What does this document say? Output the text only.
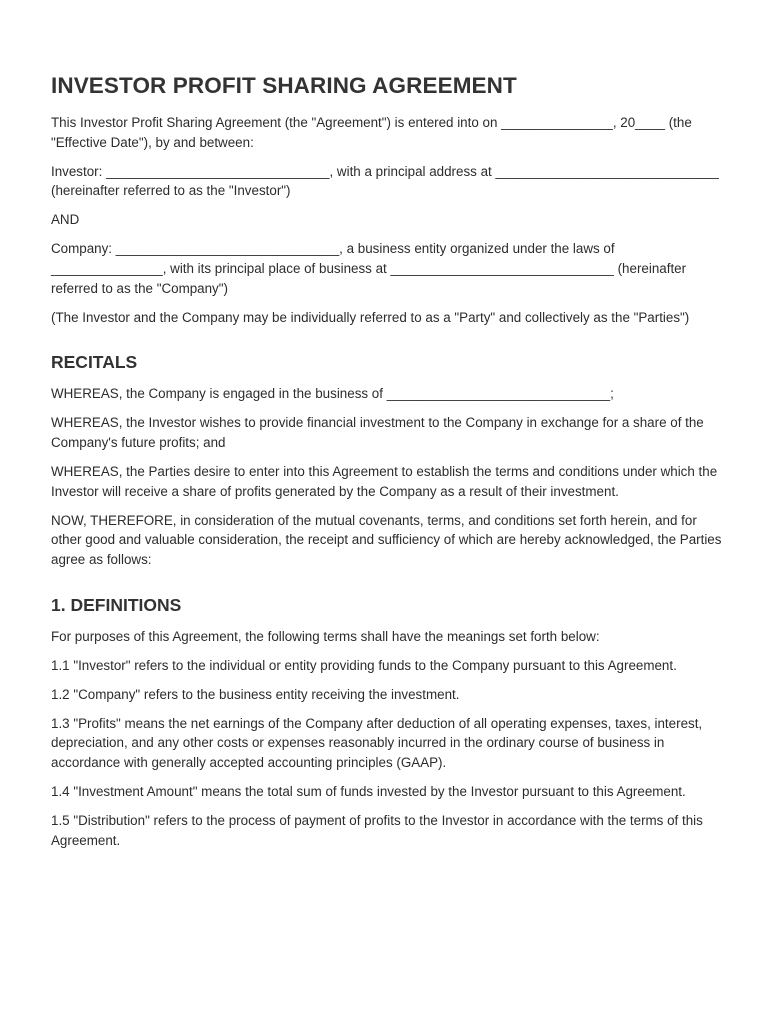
INVESTOR PROFIT SHARING AGREEMENT

This Investor Profit Sharing Agreement (the "Agreement") is entered into on _______________, 20____ (the "Effective Date"), by and between:

Investor: ______________________________, with a principal address at ______________________________ (hereinafter referred to as the "Investor")

AND

Company: ______________________________, a business entity organized under the laws of _______________, with its principal place of business at ______________________________ (hereinafter referred to as the "Company")

(The Investor and the Company may be individually referred to as a "Party" and collectively as the "Parties")

RECITALS

WHEREAS, the Company is engaged in the business of ______________________________;

WHEREAS, the Investor wishes to provide financial investment to the Company in exchange for a share of the Company's future profits; and

WHEREAS, the Parties desire to enter into this Agreement to establish the terms and conditions under which the Investor will receive a share of profits generated by the Company as a result of their investment.

NOW, THEREFORE, in consideration of the mutual covenants, terms, and conditions set forth herein, and for other good and valuable consideration, the receipt and sufficiency of which are hereby acknowledged, the Parties agree as follows:

1. DEFINITIONS

For purposes of this Agreement, the following terms shall have the meanings set forth below:

1.1 "Investor" refers to the individual or entity providing funds to the Company pursuant to this Agreement.

1.2 "Company" refers to the business entity receiving the investment.

1.3 "Profits" means the net earnings of the Company after deduction of all operating expenses, taxes, interest, depreciation, and any other costs or expenses reasonably incurred in the ordinary course of business in accordance with generally accepted accounting principles (GAAP).

1.4 "Investment Amount" means the total sum of funds invested by the Investor pursuant to this Agreement.

1.5 "Distribution" refers to the process of payment of profits to the Investor in accordance with the terms of this Agreement.
